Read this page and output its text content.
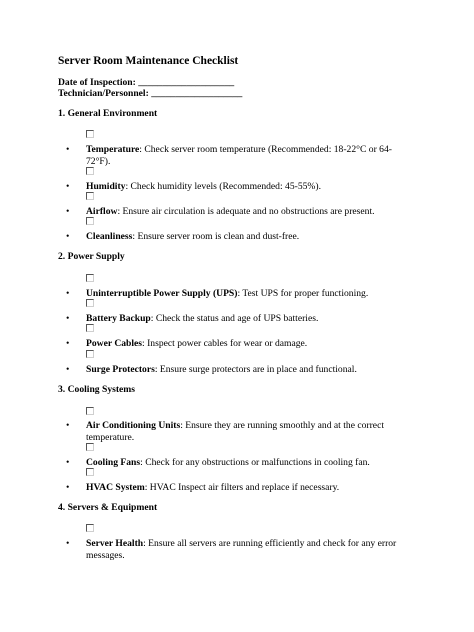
Server Room Maintenance Checklist
Date of Inspection: ____________________
Technician/Personnel: ___________________
1. General Environment
• Temperature: Check server room temperature (Recommended: 18-22°C or 64-72°F).
• Humidity: Check humidity levels (Recommended: 45-55%).
• Airflow: Ensure air circulation is adequate and no obstructions are present.
• Cleanliness: Ensure server room is clean and dust-free.
2. Power Supply
• Uninterruptible Power Supply (UPS): Test UPS for proper functioning.
• Battery Backup: Check the status and age of UPS batteries.
• Power Cables: Inspect power cables for wear or damage.
• Surge Protectors: Ensure surge protectors are in place and functional.
3. Cooling Systems
• Air Conditioning Units: Ensure they are running smoothly and at the correct temperature.
• Cooling Fans: Check for any obstructions or malfunctions in cooling fan.
• HVAC System: HVAC Inspect air filters and replace if necessary.
4. Servers & Equipment
• Server Health: Ensure all servers are running efficiently and check for any error messages.
